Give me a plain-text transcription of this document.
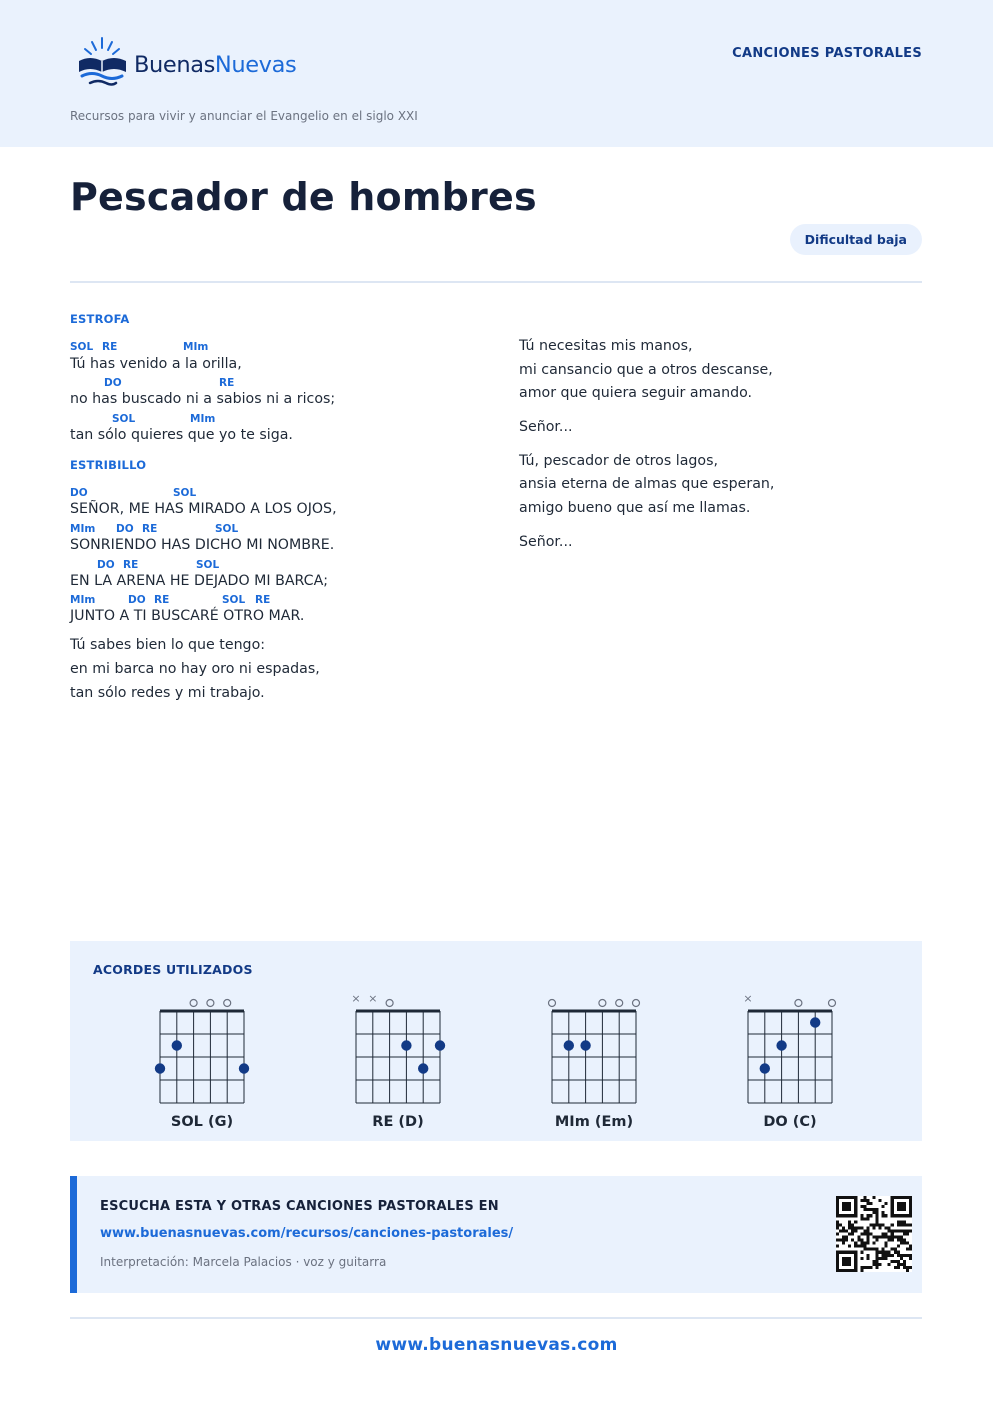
BuenasNuevas	CANCIONES PASTORALES
Recursos para vivir y anunciar el Evangelio en el siglo XXI
Pescador de hombres
Dificultad baja
ESTROFA
SOL RE	MIm
Tú has venido a la orilla,
DO	RE
no has buscado ni a sabios ni a ricos;
SOL	MIm
tan sólo quieres que yo te siga.
ESTRIBILLO
DO	SOL
SEÑOR, ME HAS MIRADO A LOS OJOS,
MIm DO RE	SOL
SONRIENDO HAS DICHO MI NOMBRE.
DO RE	SOL
EN LA ARENA HE DEJADO MI BARCA;
MIm	DO RE	SOL RE
JUNTO A TI BUSCARÉ OTRO MAR.
Tú sabes bien lo que tengo:
en mi barca no hay oro ni espadas,
tan sólo redes y mi trabajo.
Tú necesitas mis manos,
mi cansancio que a otros descanse,
amor que quiera seguir amando.
Señor...
Tú, pescador de otros lagos,
ansia eterna de almas que esperan,
amigo bueno que así me llamas.
Señor...
ACORDES UTILIZADOS
SOL (G)
× ×
RE (D)	MIm (Em)
×
DO (C)
ESCUCHA ESTA Y OTRAS CANCIONES PASTORALES EN
www.buenasnuevas.com/recursos/canciones-pastorales/
Interpretación: Marcela Palacios · voz y guitarra
www.buenasnuevas.com
